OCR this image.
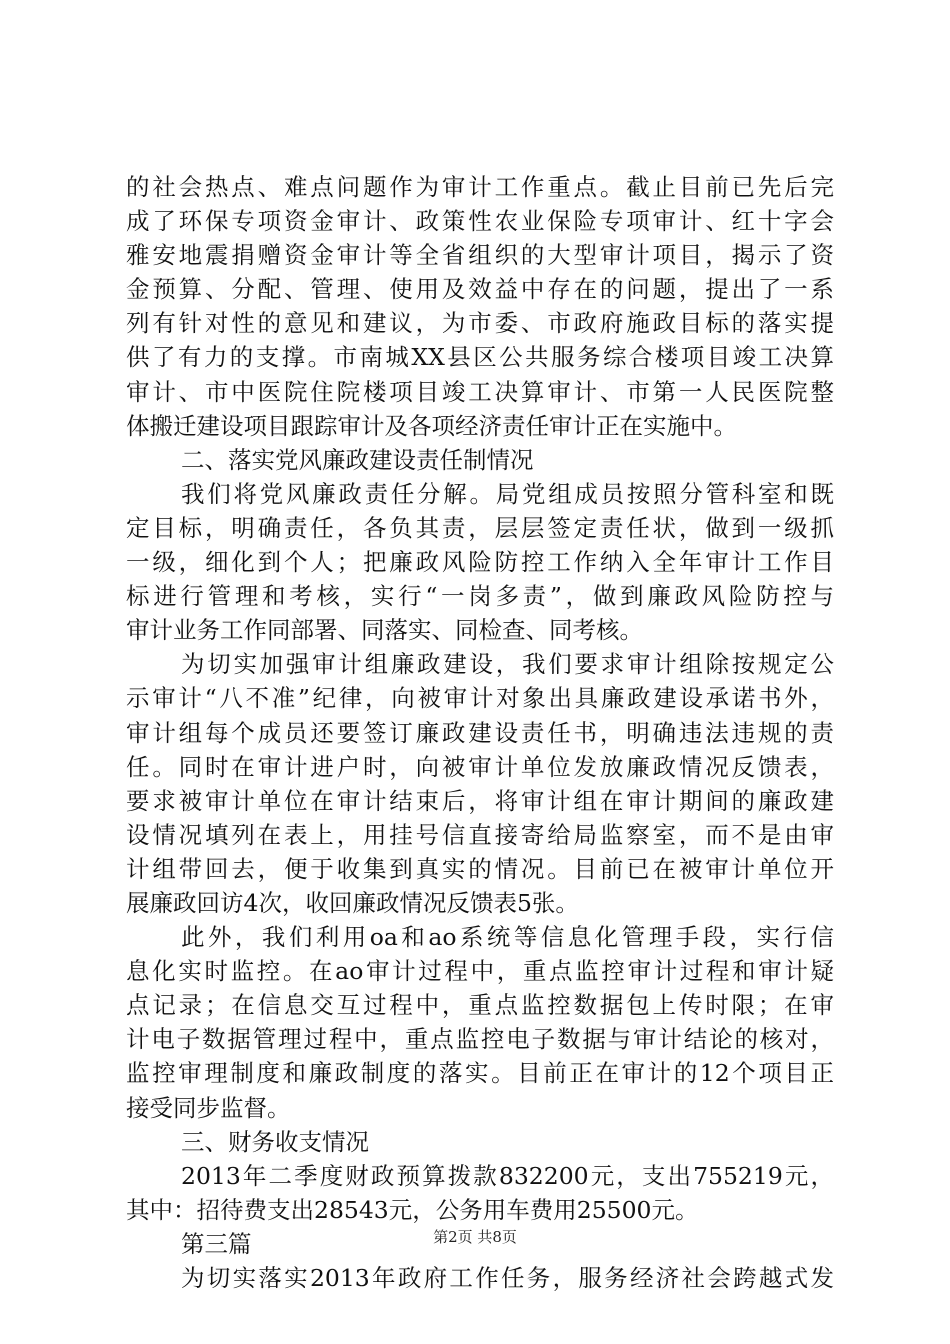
的社会热点、难点问题作为审计工作重点。截止目前已先后完
成了环保专项资金审计、政策性农业保险专项审计、红十字会
雅安地震捐赠资金审计等全省组织的大型审计项目，揭示了资
金预算、分配、管理、使用及效益中存在的问题，提出了一系
列有针对性的意见和建议，为市委、市政府施政目标的落实提
供了有力的支撑。市南城XX县区公共服务综合楼项目竣工决算
审计、市中医院住院楼项目竣工决算审计、市第一人民医院整
体搬迁建设项目跟踪审计及各项经济责任审计正在实施中。
二、落实党风廉政建设责任制情况
我们将党风廉政责任分解。局党组成员按照分管科室和既
定目标，明确责任，各负其责，层层签定责任状，做到一级抓
一级，细化到个人；把廉政风险防控工作纳入全年审计工作目
标进行管理和考核，实行“一岗多责”，做到廉政风险防控与
审计业务工作同部署、同落实、同检查、同考核。
为切实加强审计组廉政建设，我们要求审计组除按规定公
示审计“八不准”纪律，向被审计对象出具廉政建设承诺书外，
审计组每个成员还要签订廉政建设责任书，明确违法违规的责
任。同时在审计进户时，向被审计单位发放廉政情况反馈表，
要求被审计单位在审计结束后，将审计组在审计期间的廉政建
设情况填列在表上，用挂号信直接寄给局监察室，而不是由审
计组带回去，便于收集到真实的情况。目前已在被审计单位开
展廉政回访4次，收回廉政情况反馈表5张。
此外，我们利用oa和ao系统等信息化管理手段，实行信
息化实时监控。在ao审计过程中，重点监控审计过程和审计疑
点记录；在信息交互过程中，重点监控数据包上传时限；在审
计电子数据管理过程中，重点监控电子数据与审计结论的核对，
监控审理制度和廉政制度的落实。目前正在审计的12个项目正
接受同步监督。
三、财务收支情况
2013年二季度财政预算拨款832200元，支出755219元，
其中：招待费支出28543元，公务用车费用25500元。
第三篇
为切实落实2013年政府工作任务，服务经济社会跨越式发
第2页 共8页
